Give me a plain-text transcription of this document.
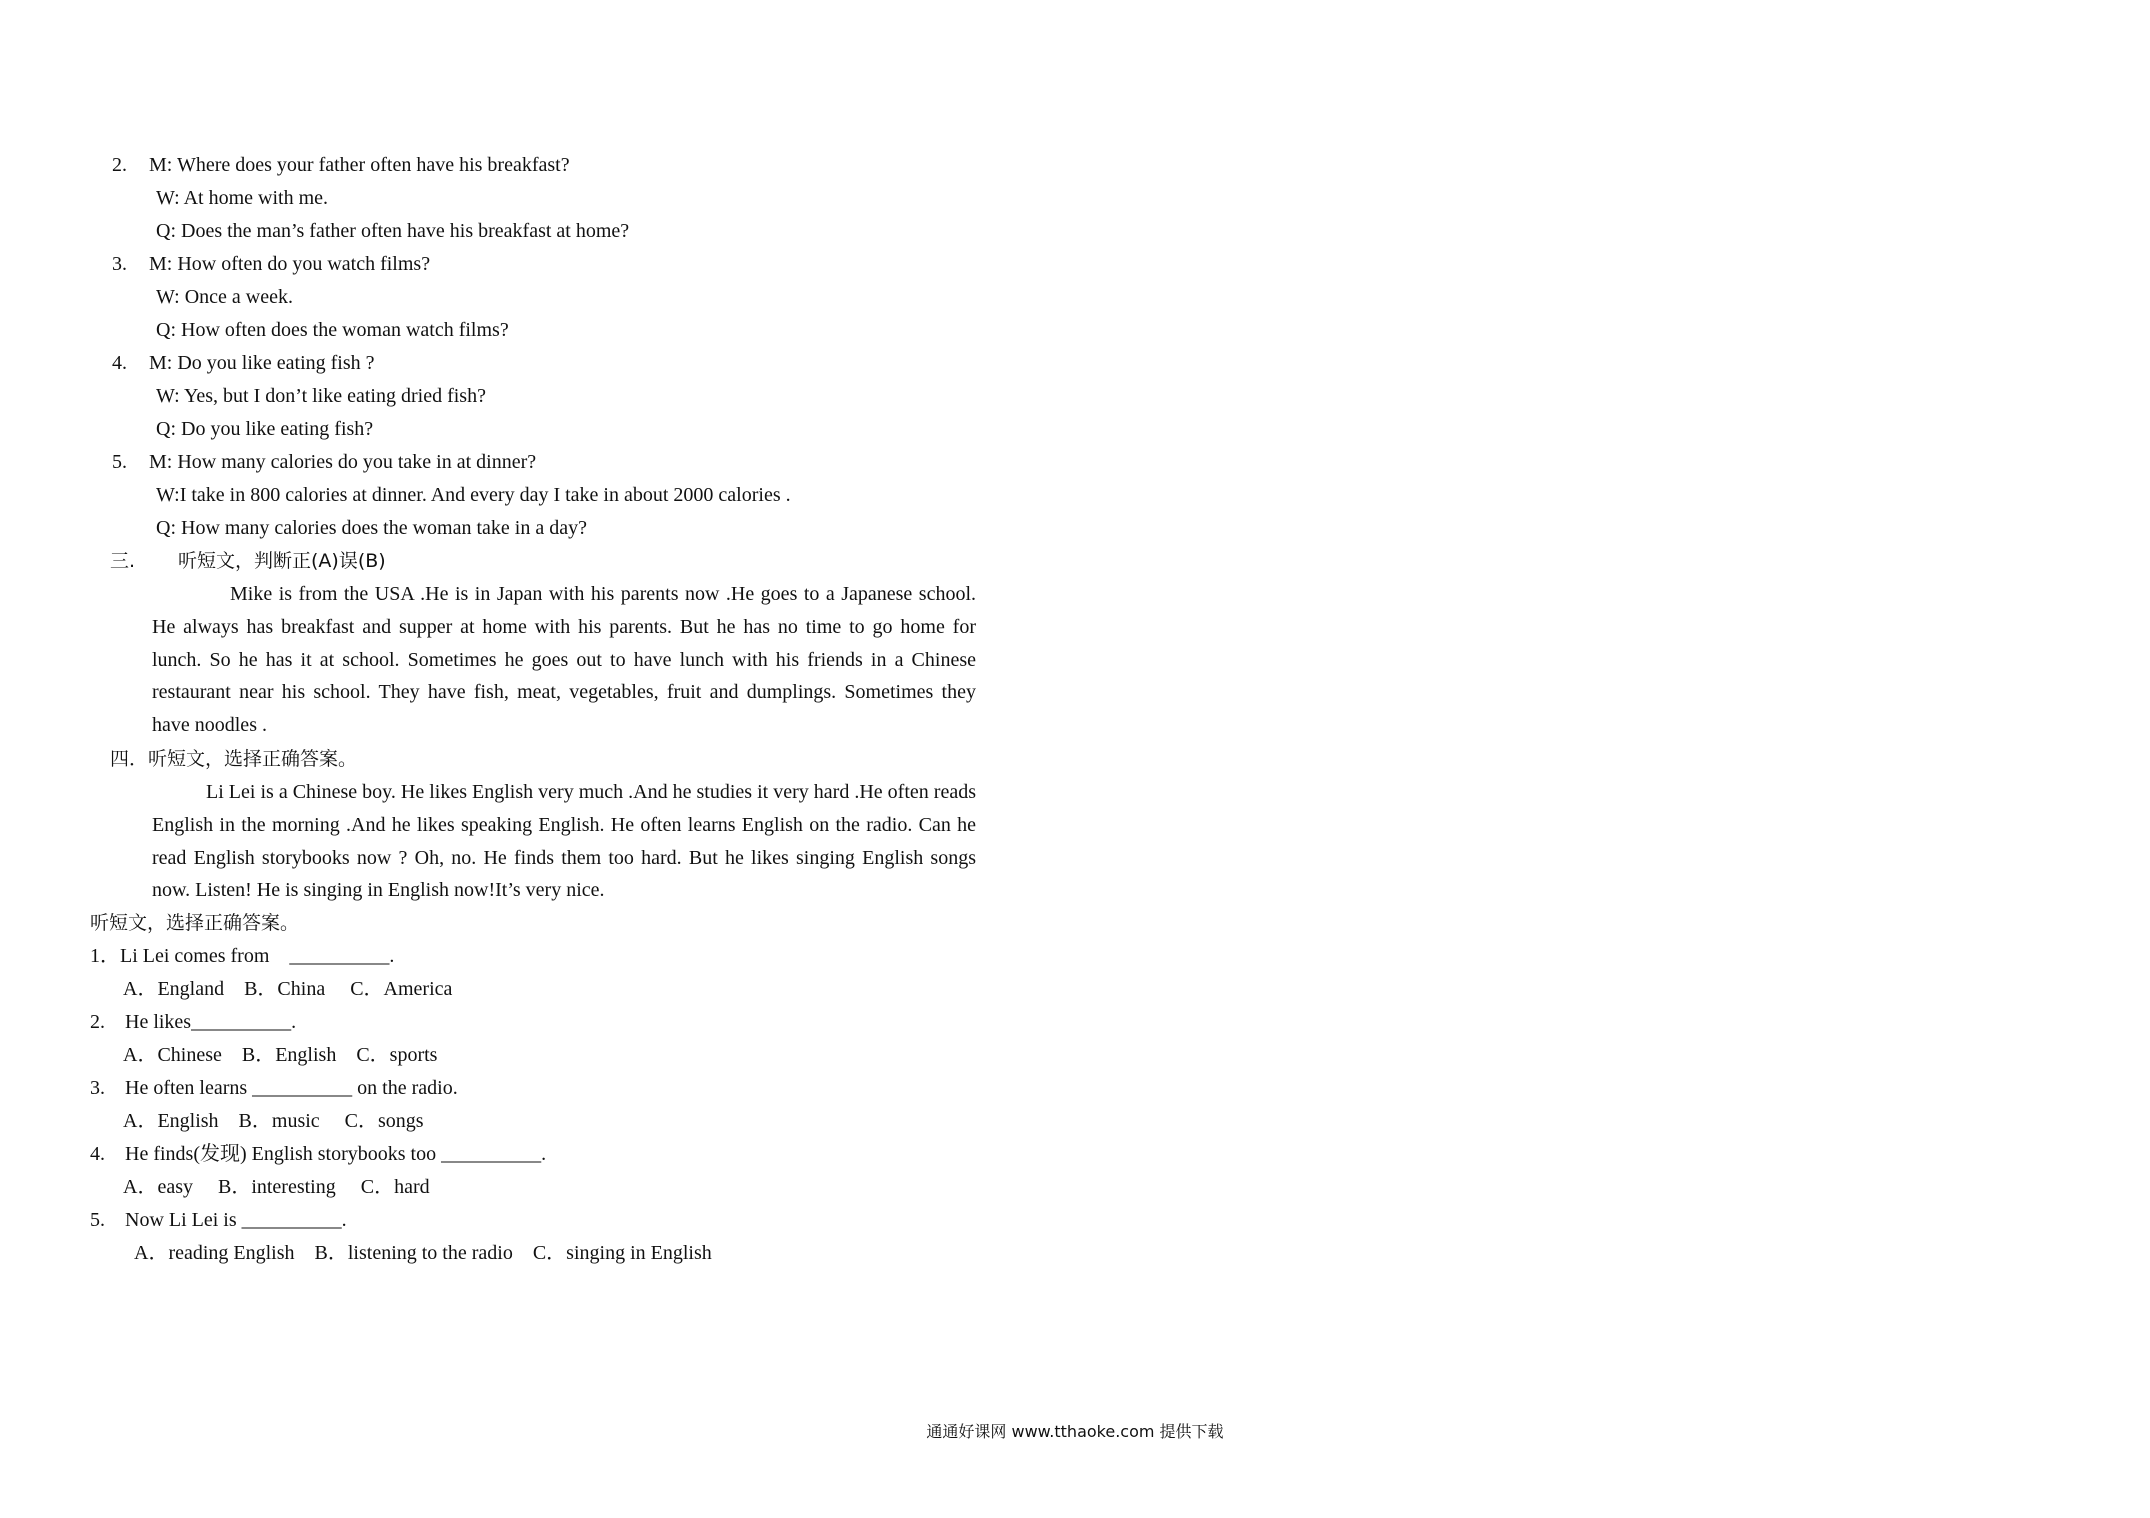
2. M: Where does your father often have his breakfast?
W: At home with me.
Q: Does the man’s father often have his breakfast at home?
3. M: How often do you watch films?
W: Once a week.
Q: How often does the woman watch films?
4. M: Do you like eating fish ?
W: Yes, but I don’t like eating dried fish?
Q: Do you like eating fish?
5. M: How many calories do you take in at dinner?
W:I take in 800 calories at dinner. And every day I take in about 2000 calories .
Q: How many calories does the woman take in a day?
三. 听短文，判断正(A)误(B)

Mike is from the USA .He is in Japan with his parents now .He goes to a Japanese school. He always has breakfast and supper at home with his parents. But he has no time to go home for lunch. So he has it at school. Sometimes he goes out to have lunch with his friends in a Chinese restaurant near his school. They have fish, meat, vegetables, fruit and dumplings. Sometimes they have noodles .

四．听短文，选择正确答案。

Li Lei is a Chinese boy. He likes English very much .And he studies it very hard .He often reads English in the morning .And he likes speaking English. He often learns English on the radio. Can he read English storybooks now ? Oh, no. He finds them too hard. But he likes singing English songs now. Listen! He is singing in English now!It’s very nice.

听短文，选择正确答案。
1．Li Lei comes from    __________.
A．England    B．China     C．America
2.    He likes__________.
A．Chinese    B．English    C．sports
3.    He often learns __________ on the radio.
A．English    B．music     C．songs
4.    He finds(发现) English storybooks too __________.
A．easy     B．interesting     C．hard
5.    Now Li Lei is __________.
A．reading English    B．listening to the radio    C．singing in English
通通好课网 www.tthaoke.com 提供下载
